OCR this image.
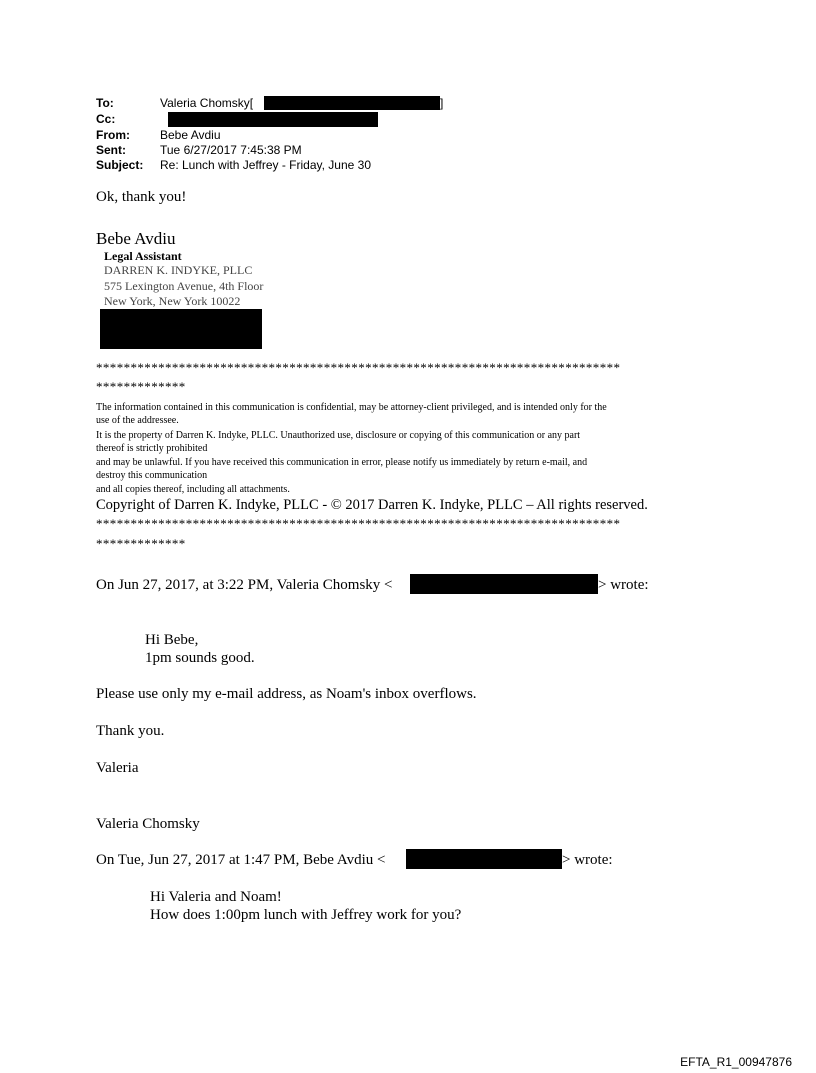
To:	Valeria Chomsky[	]
Cc:
From:	Bebe Avdiu
Sent:	Tue 6/27/2017 7:45:38 PM
Subject: Re: Lunch with Jeffrey - Friday, June 30
Ok, thank you!
Bebe Avdiu
Legal Assistant
DARREN K. INDYKE, PLLC
575 Lexington Avenue, 4th Floor
New York, New York 10022
****************************************************************************
*************
The information contained in this communication is confidential, may be attorney-client privileged, and is intended only for the
use of the addressee.
It is the property of Darren K. Indyke, PLLC. Unauthorized use, disclosure or copying of this communication or any part
thereof is strictly prohibited
and may be unlawful. If you have received this communication in error, please notify us immediately by return e-mail, and
destroy this communication
and all copies thereof, including all attachments.
Copyright of Darren K. Indyke, PLLC - © 2017 Darren K. Indyke, PLLC – All rights reserved.
****************************************************************************
*************
On Jun 27, 2017, at 3:22 PM, Valeria Chomsky <	> wrote:
Hi Bebe,
1pm sounds good.
Please use only my e-mail address, as Noam's inbox overflows.
Thank you.
Valeria
Valeria Chomsky
On Tue, Jun 27, 2017 at 1:47 PM, Bebe Avdiu <	> wrote:
Hi Valeria and Noam!
How does 1:00pm lunch with Jeffrey work for you?
EFTA_R1_00947876
